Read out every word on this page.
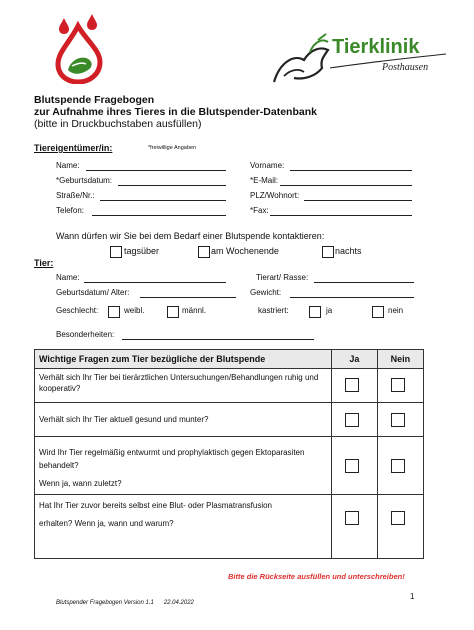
Tierklinik
Posthausen
Blutspende Fragebogen
zur Aufnahme ihres Tieres in die Blutspender-Datenbank
(bitte in Druckbuchstaben ausfüllen)
Tiereigentümer/in:	*freiwillige Angaben
Name:	Vorname:
*Geburtsdatum:	*E-Mail:
Straße/Nr.:	PLZ/Wohnort:
Telefon:	*Fax:
Wann dürfen wir Sie bei dem Bedarf einer Blutspende kontaktieren:
tagsüber	am Wochenende	nachts
Tier:
Name:	Tierart/ Rasse:
Geburtsdatum/ Alter:	Gewicht:
Geschlecht:	weibl.	männl.	kastriert:	ja	nein
Besonderheiten:
Wichtige Fragen zum Tier bezügliche der Blutspende	Ja	Nein
Verhält sich Ihr Tier bei tierärztlichen Untersuchungen/Behandlungen ruhig und kooperativ?	

Verhält sich Ihr Tier aktuell gesund und munter?	

Wird Ihr Tier regelmäßig entwurmt und prophylaktisch gegen Ektoparasiten behandelt?
Wenn ja, wann zuletzt?		

Hat Ihr Tier zuvor bereits selbst eine Blut- oder Plasmatransfusion
erhalten? Wenn ja, wann und warum?		

Bitte die Rückseite ausfüllen und unterschreiben!
1
Blutspender Fragebogen Version 1.1      22.04.2022
